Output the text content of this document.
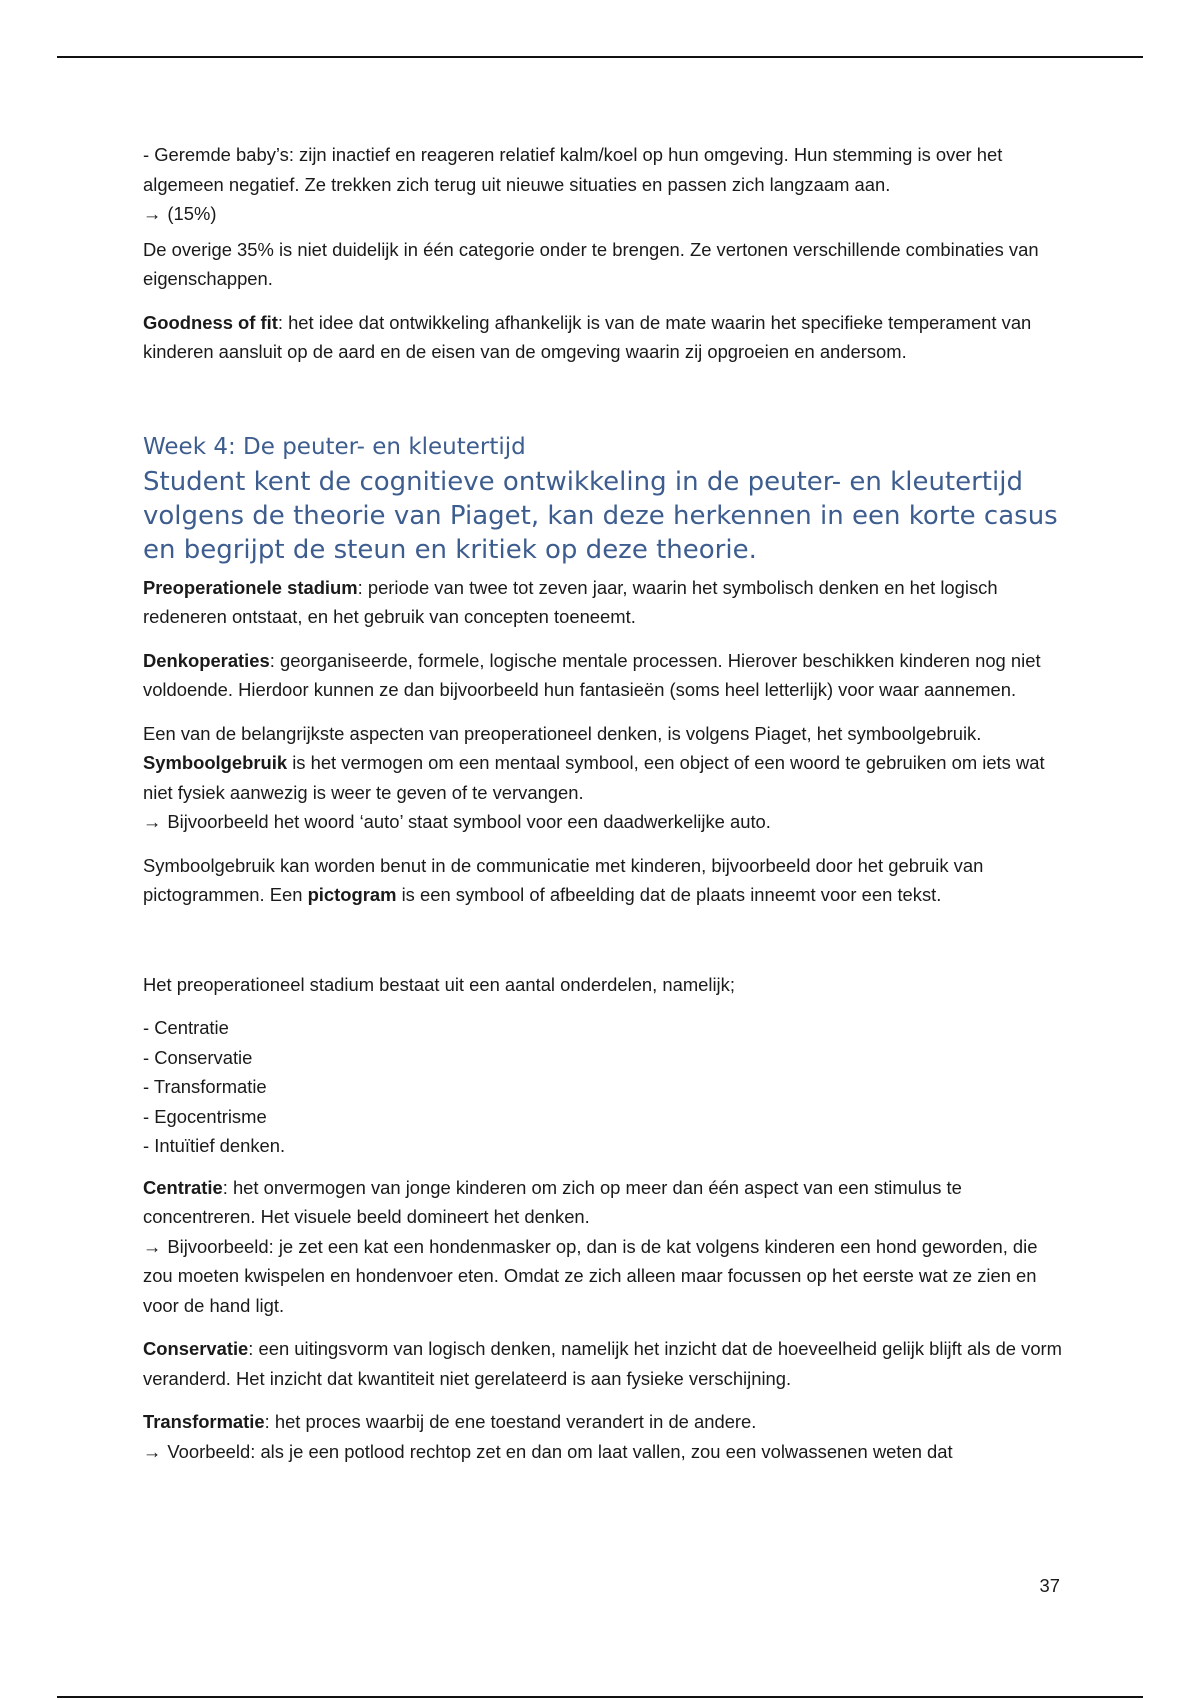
- Geremde baby’s: zijn inactief en reageren relatief kalm/koel op hun omgeving. Hun stemming is over het algemeen negatief. Ze trekken zich terug uit nieuwe situaties en passen zich langzaam aan.
→ (15%)

De overige 35% is niet duidelijk in één categorie onder te brengen. Ze vertonen verschillende combinaties van eigenschappen.

Goodness of fit: het idee dat ontwikkeling afhankelijk is van de mate waarin het specifieke temperament van kinderen aansluit op de aard en de eisen van de omgeving waarin zij opgroeien en andersom.

Week 4: De peuter- en kleutertijd
Student kent de cognitieve ontwikkeling in de peuter- en kleutertijd volgens de theorie van Piaget, kan deze herkennen in een korte casus en begrijpt de steun en kritiek op deze theorie.

Preoperationele stadium: periode van twee tot zeven jaar, waarin het symbolisch denken en het logisch redeneren ontstaat, en het gebruik van concepten toeneemt.

Denkoperaties: georganiseerde, formele, logische mentale processen. Hierover beschikken kinderen nog niet voldoende. Hierdoor kunnen ze dan bijvoorbeeld hun fantasieën (soms heel letterlijk) voor waar aannemen.

Een van de belangrijkste aspecten van preoperationeel denken, is volgens Piaget, het symboolgebruik. Symboolgebruik is het vermogen om een mentaal symbool, een object of een woord te gebruiken om iets wat niet fysiek aanwezig is weer te geven of te vervangen.
→ Bijvoorbeeld het woord ‘auto’ staat symbool voor een daadwerkelijke auto.

Symboolgebruik kan worden benut in de communicatie met kinderen, bijvoorbeeld door het gebruik van pictogrammen. Een pictogram is een symbool of afbeelding dat de plaats inneemt voor een tekst.

Het preoperationeel stadium bestaat uit een aantal onderdelen, namelijk;

- Centratie
- Conservatie
- Transformatie
- Egocentrisme
- Intuïtief denken.

Centratie: het onvermogen van jonge kinderen om zich op meer dan één aspect van een stimulus te concentreren. Het visuele beeld domineert het denken.
→ Bijvoorbeeld: je zet een kat een hondenmasker op, dan is de kat volgens kinderen een hond geworden, die zou moeten kwispelen en hondenvoer eten. Omdat ze zich alleen maar focussen op het eerste wat ze zien en voor de hand ligt.

Conservatie: een uitingsvorm van logisch denken, namelijk het inzicht dat de hoeveelheid gelijk blijft als de vorm veranderd. Het inzicht dat kwantiteit niet gerelateerd is aan fysieke verschijning.

Transformatie: het proces waarbij de ene toestand verandert in de andere.
→ Voorbeeld: als je een potlood rechtop zet en dan om laat vallen, zou een volwassenen weten dat

37
